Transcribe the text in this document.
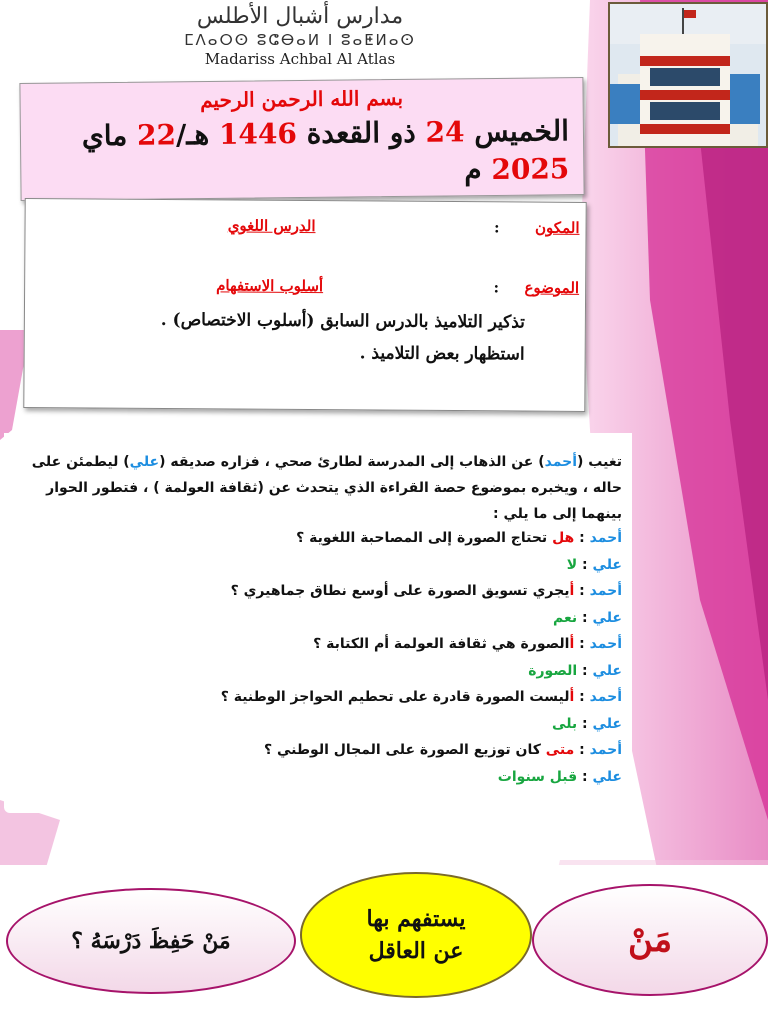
مدارس أشبال الأطلس
ⵎⴷⴰⵔⵙ ⵓⵛⴱⴰⵍ ⵏ ⵓⴰⵟⵍⴰⵙ
Madariss Achbal Al Atlas
بسم الله الرحمن الرحيم
الخميس 24 ذو القعدة 1446 هـ/22 ماي 2025 م
المكون
:
الدرس اللغوي
الموضوع
:
أسلوب الاستفهام
تذكير التلاميذ بالدرس السابق (أسلوب الاختصاص) .
استظهار بعض التلاميذ .
تغيب (أحمد) عن الذهاب إلى المدرسة لطارئ صحي ، فزاره صديقه (علي) ليطمئن على حاله ، ويخبره بموضوع حصة القراءة الذي يتحدث عن (ثقافة العولمة ) ، فتطور الحوار بينهما إلى ما يلي :
أحمد : هل تحتاج الصورة إلى المصاحبة اللغوية ؟
علي : لا
أحمد : أيجري تسويق الصورة على أوسع نطاق جماهيري ؟
علي : نعم
أحمد : أالصورة هي ثقافة العولمة أم الكتابة ؟
علي : الصورة
أحمد : أليست الصورة قادرة على تحطيم الحواجز الوطنية ؟
علي : بلى
أحمد : متى كان توزيع الصورة على المجال الوطني ؟
علي : قبل سنوات
مَنْ حَفِظَ دَرْسَهُ ؟
يستفهم بها
عن العاقل	مَنْ
